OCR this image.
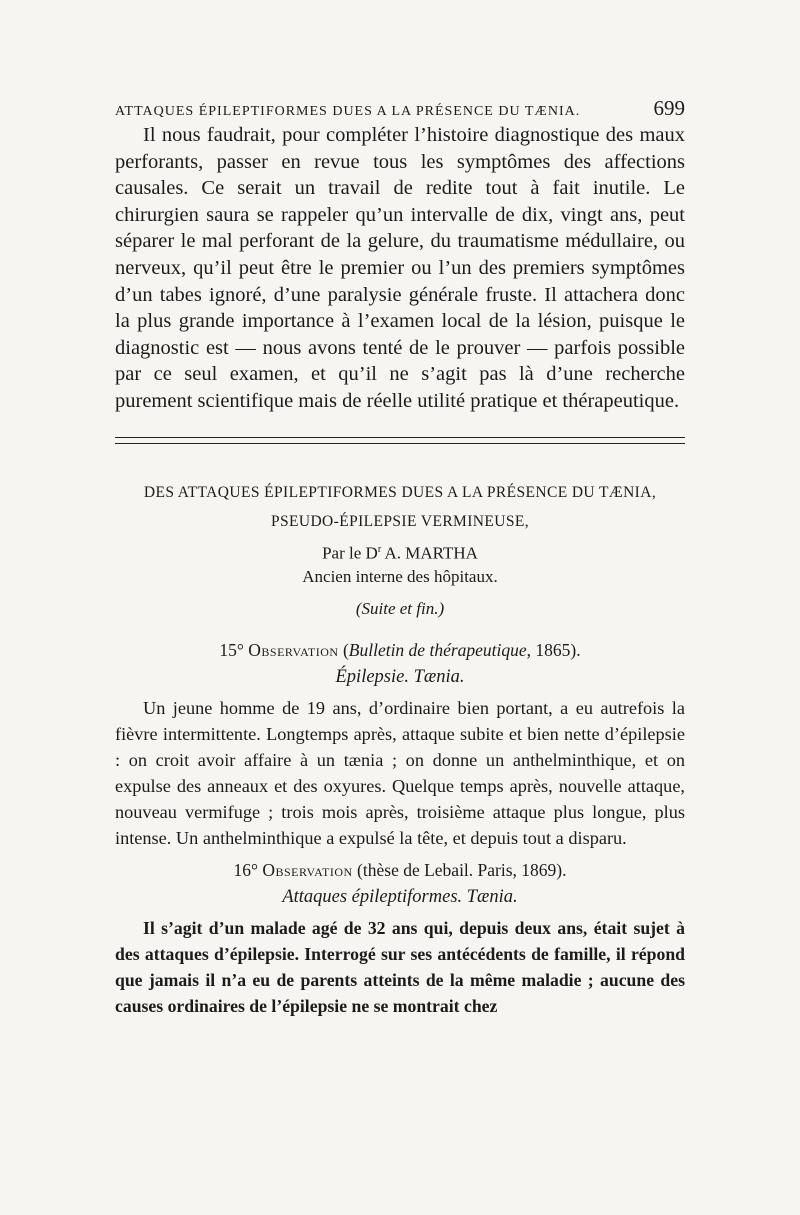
ATTAQUES ÉPILEPTIFORMES DUES A LA PRÉSENCE DU TÆNIA.	699

Il nous faudrait, pour compléter l’histoire diagnostique des maux perforants, passer en revue tous les symptômes des affections causales. Ce serait un travail de redite tout à fait inutile. Le chirurgien saura se rappeler qu’un intervalle de dix, vingt ans, peut séparer le mal perforant de la gelure, du traumatisme médullaire, ou nerveux, qu’il peut être le premier ou l’un des premiers symptômes d’un tabes ignoré, d’une paralysie générale fruste. Il attachera donc la plus grande importance à l’examen local de la lésion, puisque le diagnostic est — nous avons tenté de le prouver — parfois possible par ce seul examen, et qu’il ne s’agit pas là d’une recherche purement scientifique mais de réelle utilité pratique et thérapeutique.

DES ATTAQUES ÉPILEPTIFORMES DUES A LA PRÉSENCE DU TÆNIA,
PSEUDO-ÉPILEPSIE VERMINEUSE,
Par le $D^r$ A. MARTHA
Ancien interne des hôpitaux.
(Suite et fin.)
15° Observation (Bulletin de thérapeutique, 1865).
Épilepsie. Tænia.

Un jeune homme de 19 ans, d’ordinaire bien portant, a eu autrefois la fièvre intermittente. Longtemps après, attaque subite et bien nette d’épilepsie : on croit avoir affaire à un tænia ; on donne un anthelminthique, et on expulse des anneaux et des oxyures. Quelque temps après, nouvelle attaque, nouveau vermifuge ; trois mois après, troisième attaque plus longue, plus intense. Un anthelminthique a expulsé la tête, et depuis tout a disparu.

16° Observation (thèse de Lebail. Paris, 1869).
Attaques épileptiformes. Tænia.

Il s’agit d’un malade agé de 32 ans qui, depuis deux ans, était sujet à des attaques d’épilepsie. Interrogé sur ses antécédents de famille, il répond que jamais il n’a eu de parents atteints de la même maladie ; aucune des causes ordinaires de l’épilepsie ne se montrait chez
